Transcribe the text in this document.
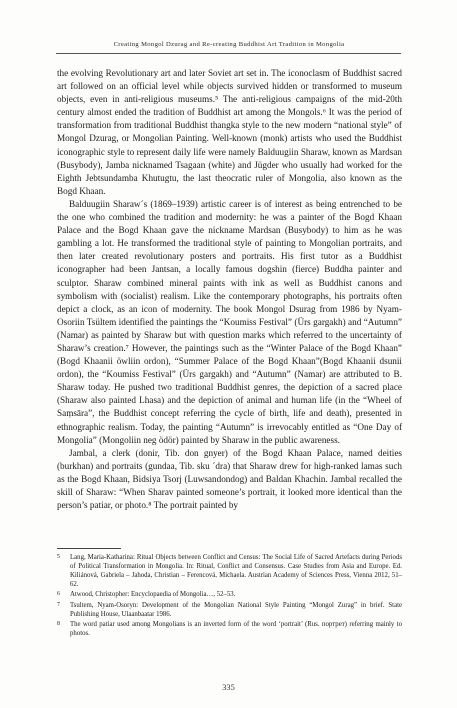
Creating Mongol Dzurag and Re-creating Buddhist Art Tradition in Mongolia

the evolving Revolutionary art and later Soviet art set in. The iconoclasm of Buddhist sacred art followed on an official level while objects survived hidden or transformed to museum objects, even in anti-religious museums.⁵ The anti-religious campaigns of the mid-20th century almost ended the tradition of Buddhist art among the Mongols.⁶ It was the period of transformation from traditional Buddhist thangka style to the new modern “national style” of Mongol Dzurag, or Mongolian Painting. Well-known (monk) artists who used the Buddhist iconographic style to represent daily life were namely Balduugiin Sharaw, known as Mardsan (Busybody), Jamba nicknamed Tsagaan (white) and Jügder who usually had worked for the Eighth Jebtsundamba Khutugtu, the last theocratic ruler of Mongolia, also known as the Bogd Khaan.

Balduugiin Sharaw´s (1869–1939) artistic career is of interest as being entrenched to be the one who combined the tradition and modernity: he was a painter of the Bogd Khaan Palace and the Bogd Khaan gave the nickname Mardsan (Busybody) to him as he was gambling a lot. He transformed the traditional style of painting to Mongolian portraits, and then later created revolutionary posters and portraits. His first tutor as a Buddhist iconographer had been Jantsan, a locally famous dogshin (fierce) Buddha painter and sculptor. Sharaw combined mineral paints with ink as well as Buddhist canons and symbolism with (socialist) realism. Like the contemporary photographs, his portraits often depict a clock, as an icon of modernity. The book Mongol Dsurag from 1986 by Nyam-Osoriin Tsültem identified the paintings the “Koumiss Festival” (Ürs gargakh) and “Autumn” (Namar) as painted by Sharaw but with question marks which referred to the uncertainty of Sharaw’s creation.⁷ However, the paintings such as the “Winter Palace of the Bogd Khaan” (Bogd Khaanii öwliin ordon), “Summer Palace of the Bogd Khaan”(Bogd Khaanii dsunii ordon), the “Koumiss Festival” (Ürs gargakh) and “Autumn” (Namar) are attributed to B. Sharaw today. He pushed two traditional Buddhist genres, the depiction of a sacred place (Sharaw also painted Lhasa) and the depiction of animal and human life (in the “Wheel of Saṃsāra”, the Buddhist concept referring the cycle of birth, life and death), presented in ethnographic realism. Today, the painting “Autumn” is irrevocably entitled as “One Day of Mongolia” (Mongoliin neg ödör) painted by Sharaw in the public awareness.

Jambal, a clerk (donir, Tib. don gnyer) of the Bogd Khaan Palace, named deities (burkhan) and portraits (gundaa, Tib. sku ´dra) that Sharaw drew for high-ranked lamas such as the Bogd Khaan, Bidsiya Tsorj (Luwsandondog) and Baldan Khachin. Jambal recalled the skill of Sharaw: “When Sharav painted someone’s portrait, it looked more identical than the person’s patiar, or photo.⁸ The portrait painted by

5 Lang, Maria-Katharina: Ritual Objects between Conflict and Census: The Social Life of Sacred Artefacts during Periods of Political Transformation in Mongolia. In: Ritual, Conflict and Consensus. Case Studies from Asia and Europe. Ed. Kiliánová, Gabriela – Jahoda, Christian – Ferencová, Michaela. Austrian Academy of Sciences Press, Vienna 2012, 51–62.
6 Atwood, Christopher: Encyclopaedia of Mongolia…, 52–53.
7 Tsultem, Nyam-Osoryn: Development of the Mongolian National Style Painting “Mongol Zurag” in brief. State Publishing House, Ulaanbaatar 1986.
8 The word patiar used among Mongolians is an inverted form of the word ‘portrait’ (Rus. портрет) referring mainly to photos.
335
